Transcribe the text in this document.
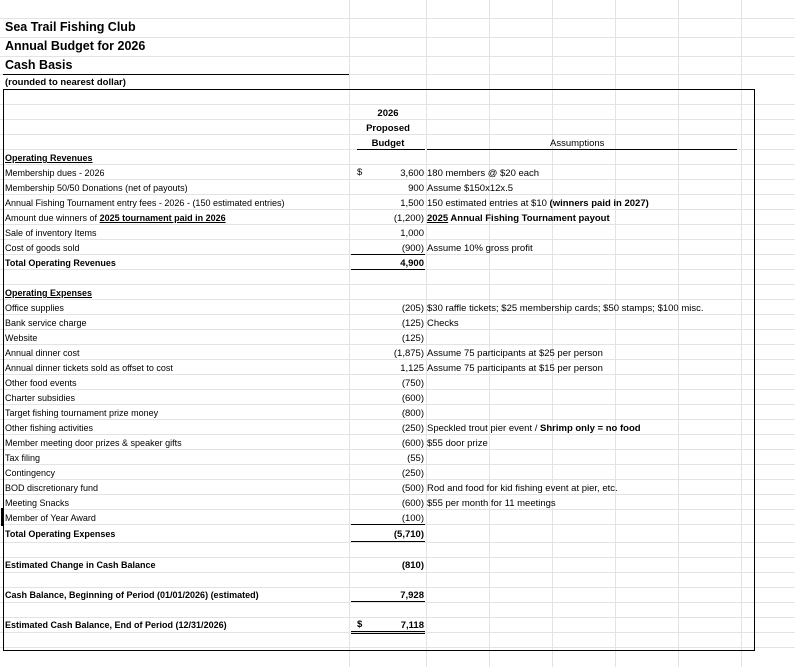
Sea Trail Fishing Club
Annual Budget for 2026
Cash Basis
(rounded to nearest dollar)
2026
Proposed
Budget	Assumptions
Operating Revenues
$
Membership dues - 2026	3,600 180 members @ $20 each
Membership 50/50 Donations (net of payouts)	900 Assume $150x12x.5
Annual Fishing Tournament entry fees - 2026 - (150 estimated entries)	1,500 150 estimated entries at $10 (winners paid in 2027)
Amount due winners of 2025 tournament paid in 2026	(1,200) 2025 Annual Fishing Tournament payout
Sale of inventory Items	1,000
Cost of goods sold	(900) Assume 10% gross profit
Total Operating Revenues	4,900
Operating Expenses
Office supplies	(205) $30 raffle tickets; $25 membership cards; $50 stamps; $100 misc.
Bank service charge	(125) Checks
Website	(125)
Annual dinner cost	(1,875) Assume 75 participants at $25 per person
Annual dinner tickets sold as offset to cost	1,125 Assume 75 participants at $15 per person
Other food events	(750)
Charter subsidies	(600)
Target fishing tournament prize money	(800)
Other fishing activities	(250) Speckled trout pier event / Shrimp only = no food
Member meeting door prizes & speaker gifts	(600) $55 door prize
Tax filing	(55)
Contingency	(250)
BOD discretionary fund	(500) Rod and food for kid fishing event at pier, etc.
Meeting Snacks	(600) $55 per month for 11 meetings
Member of Year Award	(100)
Total Operating Expenses	(5,710)
Estimated Change in Cash Balance	(810)
Cash Balance, Beginning of Period (01/01/2026) (estimated)	7,928
$
Estimated Cash Balance, End of Period (12/31/2026)	7,118
